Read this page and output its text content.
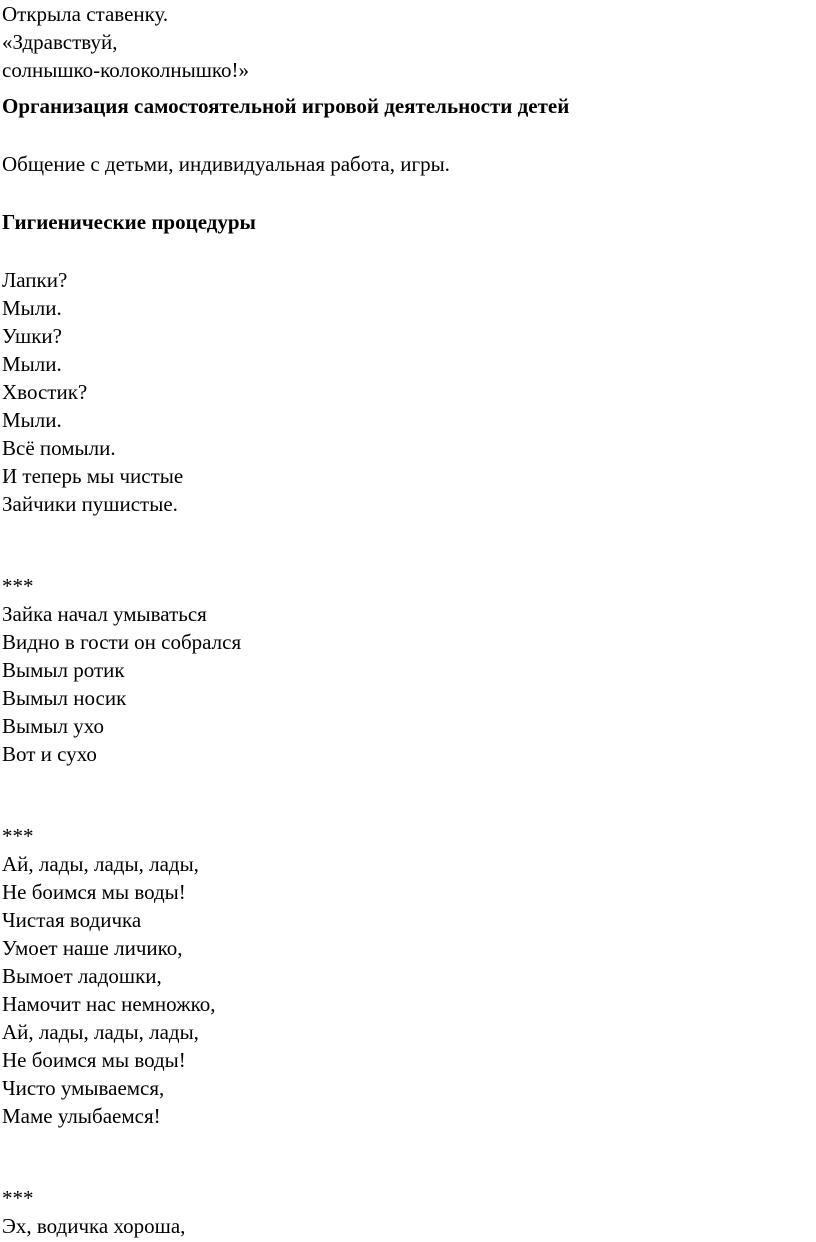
Открыла ставенку.
«Здравствуй,
солнышко-колоколнышко!»
Организация самостоятельной игровой деятельности детей
Общение с детьми, индивидуальная работа, игры.
Гигиенические процедуры
Лапки?
Мыли.
Ушки?
Мыли.
Хвостик?
Мыли.
Всё помыли.
И теперь мы чистые
Зайчики пушистые.
***
Зайка начал умываться
Видно в гости он собрался
Вымыл ротик
Вымыл носик
Вымыл ухо
Вот и сухо
***
Ай, лады, лады, лады,
Не боимся мы воды!
Чистая водичка
Умоет наше личико,
Вымоет ладошки,
Намочит нас немножко,
Ай, лады, лады, лады,
Не боимся мы воды!
Чисто умываемся,
Маме улыбаемся!
***
Эх, водичка хороша,
